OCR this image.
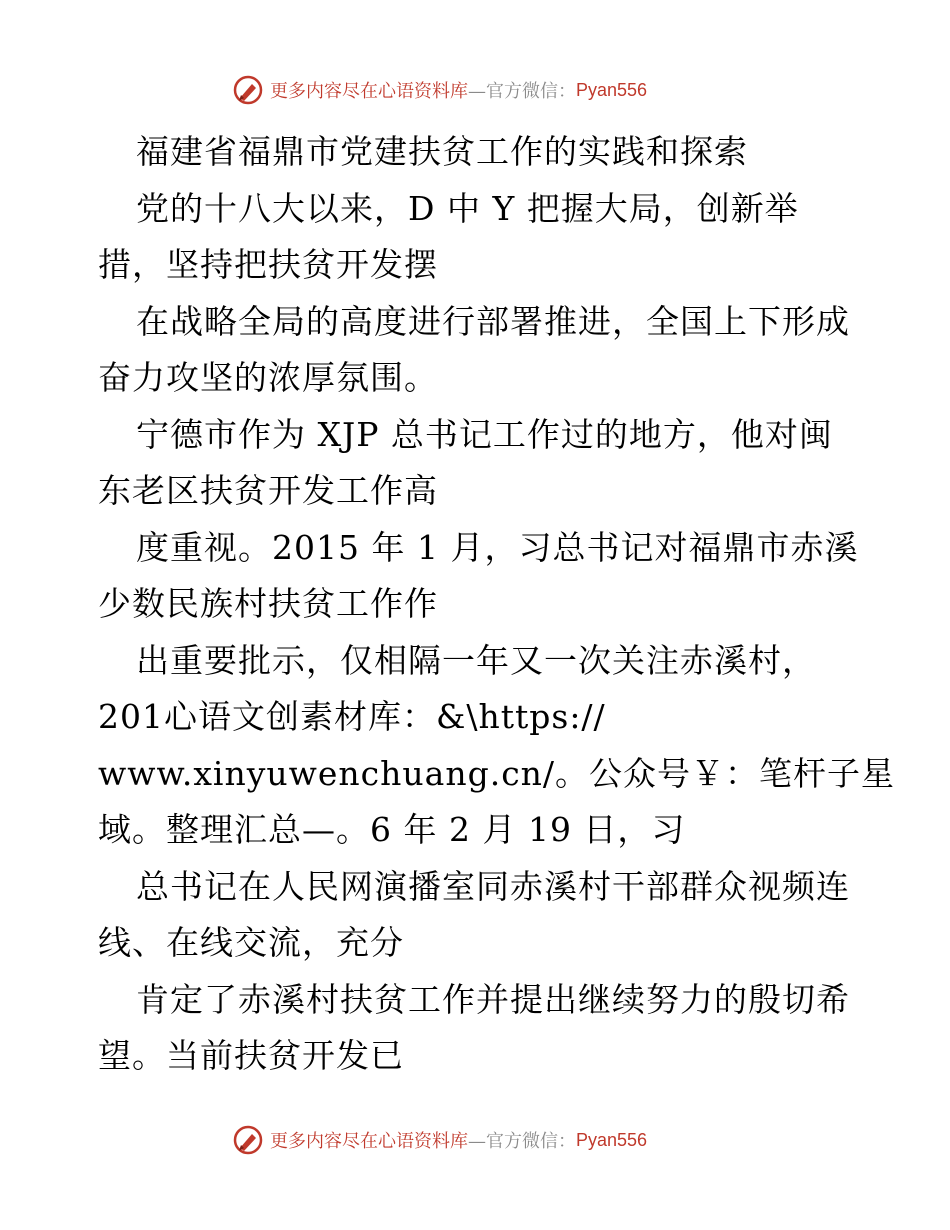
更多内容尽在心语资料库 —官方微信： Pyan556
福建省福鼎市党建扶贫工作的实践和探索
党的十八大以来，D 中 Y 把握大局，创新举
措，坚持把扶贫开发摆
在战略全局的高度进行部署推进，全国上下形成
奋力攻坚的浓厚氛围。
宁德市作为 XJP 总书记工作过的地方，他对闽
东老区扶贫开发工作高
度重视。2015 年 1 月，习总书记对福鼎市赤溪
少数民族村扶贫工作作
出重要批示，仅相隔一年又一次关注赤溪村，
201心语文创素材库：&\https://
www.xinyuwenchuang.cn/。公众号￥：笔杆子星
域。整理汇总—。6 年 2 月 19 日，习
总书记在人民网演播室同赤溪村干部群众视频连
线、在线交流，充分
肯定了赤溪村扶贫工作并提出继续努力的殷切希
望。当前扶贫开发已
更多内容尽在心语资料库 —官方微信： Pyan556
